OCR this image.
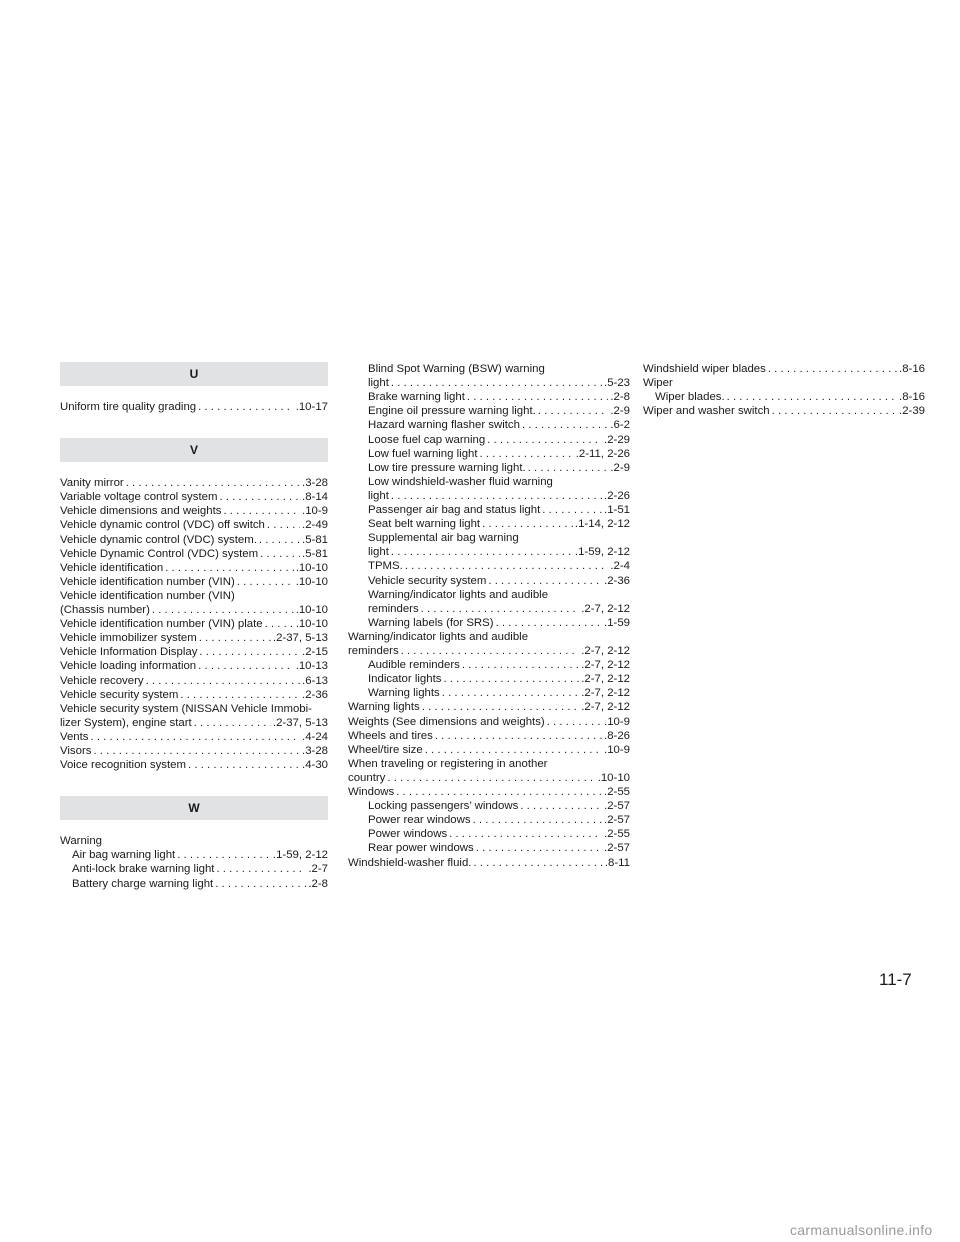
U
Uniform tire quality grading . . .	.10-17
V
Vanity mirror . . .	.3-28
Variable voltage control system . . .	.8-14
Vehicle dimensions and weights . . .	.10-9
Vehicle dynamic control (VDC) off switch . . .	.2-49
Vehicle dynamic control (VDC) system. . . .	.5-81
Vehicle Dynamic Control (VDC) system . . .	.5-81
Vehicle identification . . .	.10-10
Vehicle identification number (VIN) . . .	.10-10
Vehicle identification number (VIN)
(Chassis number) . . .	.10-10
Vehicle identification number (VIN) plate . . .	.10-10
Vehicle immobilizer system . . .	.2-37, 5-13
Vehicle Information Display . . .	.2-15
Vehicle loading information . . .	.10-13
Vehicle recovery . . .	.6-13
Vehicle security system . . .	.2-36
Vehicle security system (NISSAN Vehicle Immobi-
lizer System), engine start . . .	.2-37, 5-13
Vents . . .	.4-24
Visors . . .	.3-28
Voice recognition system . . .	.4-30
W
Warning
Air bag warning light . . .	.1-59, 2-12
Anti-lock brake warning light . . .	.2-7
Battery charge warning light . . .	.2-8
Blind Spot Warning (BSW) warning
light . . .	.5-23
Brake warning light . . .	.2-8
Engine oil pressure warning light. . . .	.2-9
Hazard warning flasher switch . . .	.6-2
Loose fuel cap warning . . .	.2-29
Low fuel warning light . . .	.2-11, 2-26
Low tire pressure warning light. . . .	.2-9
Low windshield-washer fluid warning
light . . .	.2-26
Passenger air bag and status light . . .	.1-51
Seat belt warning light . . .	.1-14, 2-12
Supplemental air bag warning
light . . .	.1-59, 2-12
TPMS. . . .	.2-4
Vehicle security system . . .	.2-36
Warning/indicator lights and audible
reminders . . .	.2-7, 2-12
Warning labels (for SRS) . . .	.1-59
Warning/indicator lights and audible
reminders . . .	.2-7, 2-12
Audible reminders . . .	.2-7, 2-12
Indicator lights . . .	.2-7, 2-12
Warning lights . . .	.2-7, 2-12
Warning lights . . .	.2-7, 2-12
Weights (See dimensions and weights) . . .	.10-9
Wheels and tires . . .	.8-26
Wheel/tire size . . .	.10-9
When traveling or registering in another
country . . .	.10-10
Windows . . .	.2-55
Locking passengers’ windows . . .	.2-57
Power rear windows . . .	.2-57
Power windows . . .	.2-55
Rear power windows . . .	.2-57
Windshield-washer fluid. . . .	.8-11
Windshield wiper blades . . .	.8-16
Wiper
Wiper blades. . . .	.8-16
Wiper and washer switch . . .	.2-39
11-7
carmanualsonline.info
